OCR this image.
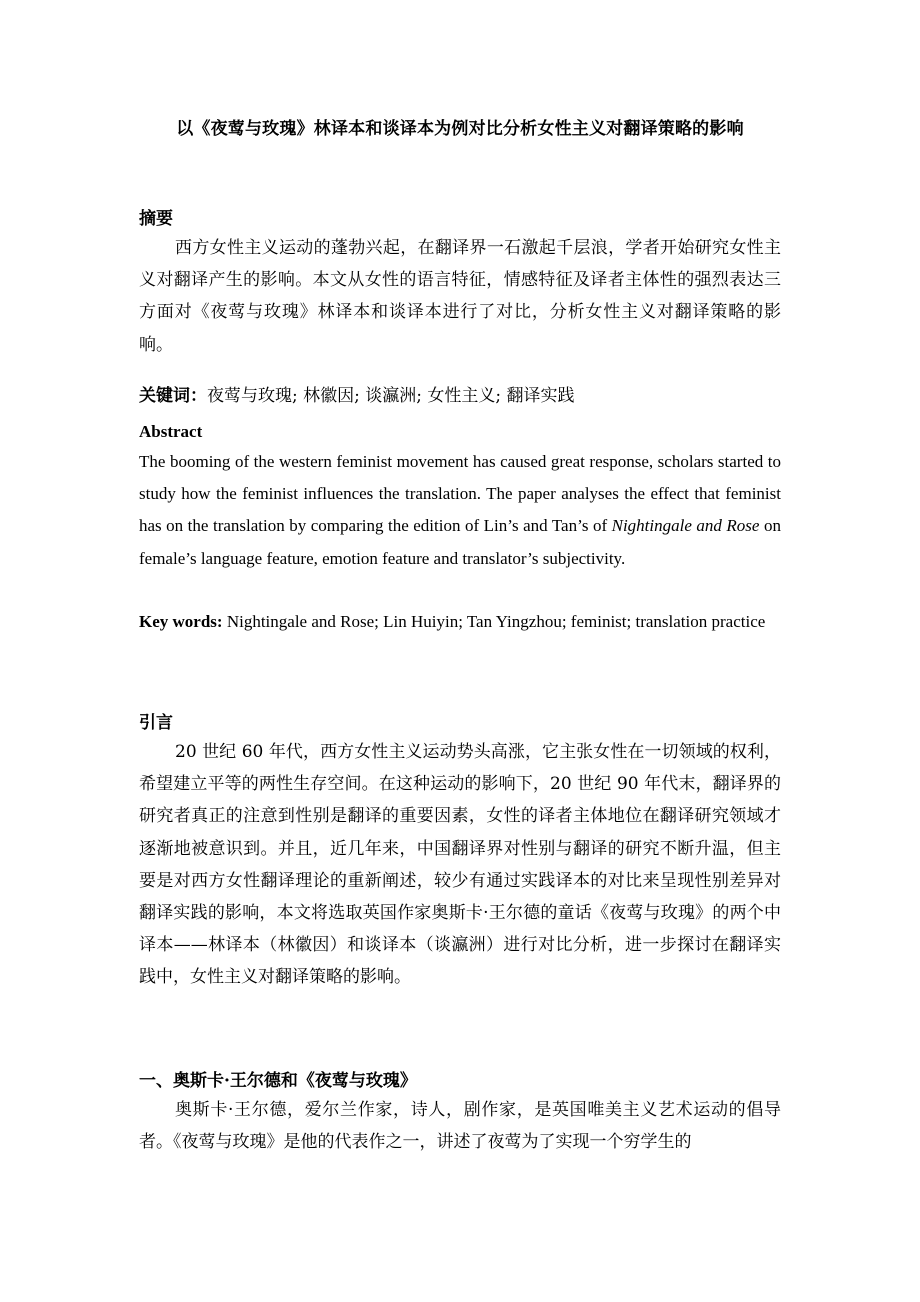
以《夜莺与玫瑰》林译本和谈译本为例对比分析女性主义对翻译策略的影响
摘要
西方女性主义运动的蓬勃兴起，在翻译界一石激起千层浪，学者开始研究女性主义对翻译产生的影响。本文从女性的语言特征，情感特征及译者主体性的强烈表达三方面对《夜莺与玫瑰》林译本和谈译本进行了对比，分析女性主义对翻译策略的影响。
关键词：夜莺与玫瑰; 林徽因; 谈瀛洲; 女性主义; 翻译实践
Abstract
The booming of the western feminist movement has caused great response, scholars started to study how the feminist influences the translation. The paper analyses the effect that feminist has on the translation by comparing the edition of Lin’s and Tan’s of Nightingale and Rose on female’s language feature, emotion feature and translator’s subjectivity.
Key words: Nightingale and Rose; Lin Huiyin; Tan Yingzhou; feminist; translation practice
引言
20 世纪 60 年代，西方女性主义运动势头高涨，它主张女性在一切领域的权利，希望建立平等的两性生存空间。在这种运动的影响下，20 世纪 90 年代末，翻译界的研究者真正的注意到性别是翻译的重要因素，女性的译者主体地位在翻译研究领域才逐渐地被意识到。并且，近几年来，中国翻译界对性别与翻译的研究不断升温，但主要是对西方女性翻译理论的重新阐述，较少有通过实践译本的对比来呈现性别差异对翻译实践的影响，本文将选取英国作家奥斯卡·王尔德的童话《夜莺与玫瑰》的两个中译本——林译本（林徽因）和谈译本（谈瀛洲）进行对比分析，进一步探讨在翻译实践中，女性主义对翻译策略的影响。
一、奥斯卡·王尔德和《夜莺与玫瑰》
奥斯卡·王尔德，爱尔兰作家，诗人，剧作家，是英国唯美主义艺术运动的倡导者。《夜莺与玫瑰》是他的代表作之一，讲述了夜莺为了实现一个穷学生的
